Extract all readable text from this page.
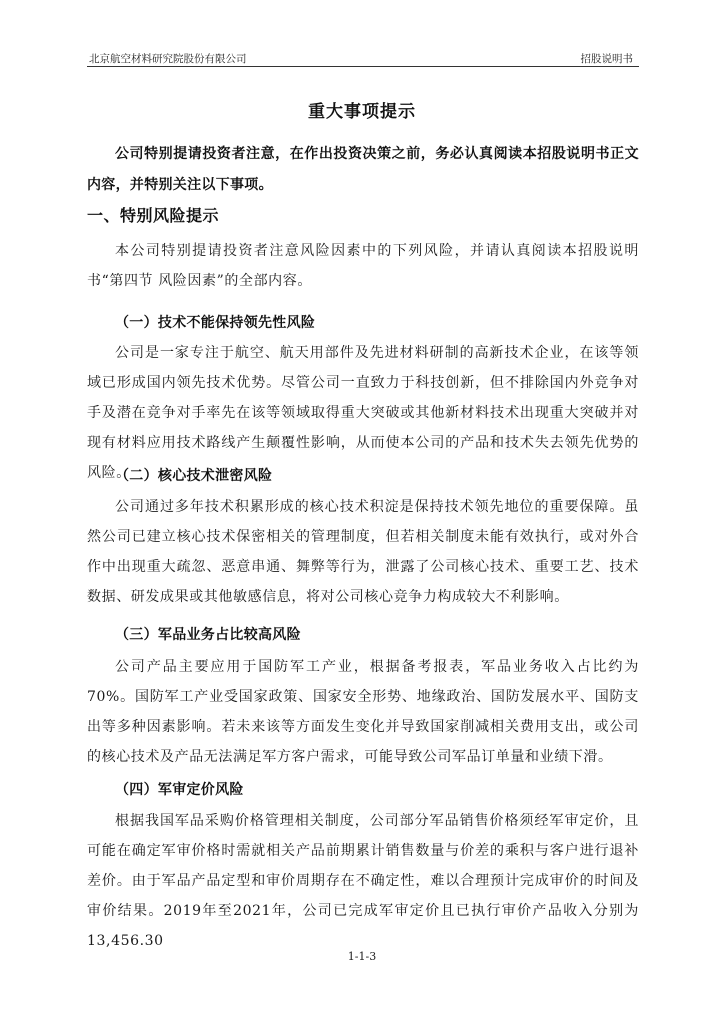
北京航空材料研究院股份有限公司	招股说明书
重大事项提示
公司特别提请投资者注意，在作出投资决策之前，务必认真阅读本招股说明书正文内容，并特别关注以下事项。
一、特别风险提示
本公司特别提请投资者注意风险因素中的下列风险，并请认真阅读本招股说明书“第四节 风险因素”的全部内容。
（一）技术不能保持领先性风险
公司是一家专注于航空、航天用部件及先进材料研制的高新技术企业，在该等领域已形成国内领先技术优势。尽管公司一直致力于科技创新，但不排除国内外竞争对手及潜在竞争对手率先在该等领域取得重大突破或其他新材料技术出现重大突破并对现有材料应用技术路线产生颠覆性影响，从而使本公司的产品和技术失去领先优势的风险。
（二）核心技术泄密风险
公司通过多年技术积累形成的核心技术积淀是保持技术领先地位的重要保障。虽然公司已建立核心技术保密相关的管理制度，但若相关制度未能有效执行，或对外合作中出现重大疏忽、恶意串通、舞弊等行为，泄露了公司核心技术、重要工艺、技术数据、研发成果或其他敏感信息，将对公司核心竞争力构成较大不利影响。
（三）军品业务占比较高风险
公司产品主要应用于国防军工产业，根据备考报表，军品业务收入占比约为70%。国防军工产业受国家政策、国家安全形势、地缘政治、国防发展水平、国防支出等多种因素影响。若未来该等方面发生变化并导致国家削减相关费用支出，或公司的核心技术及产品无法满足军方客户需求，可能导致公司军品订单量和业绩下滑。
（四）军审定价风险
根据我国军品采购价格管理相关制度，公司部分军品销售价格须经军审定价，且可能在确定军审价格时需就相关产品前期累计销售数量与价差的乘积与客户进行退补差价。由于军品产品定型和审价周期存在不确定性，难以合理预计完成审价的时间及审价结果。2019年至2021年，公司已完成军审定价且已执行审价产品收入分别为13,456.30
1-1-3
